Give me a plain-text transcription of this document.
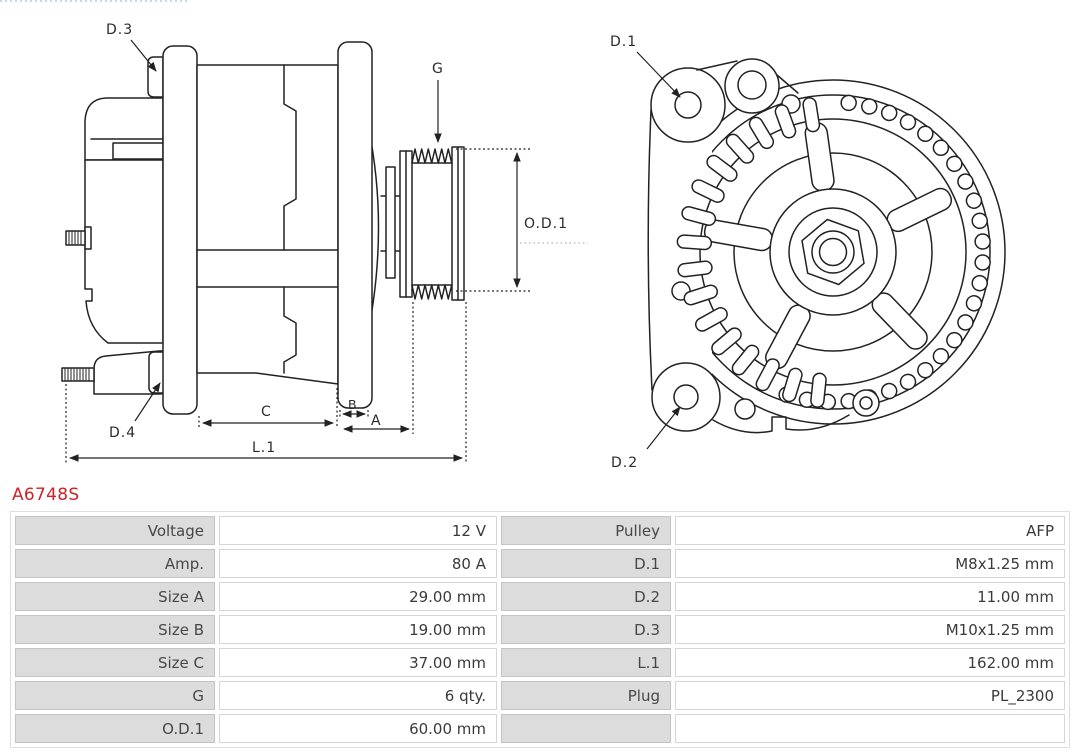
D.3
G
O.D.1
D.4
C	B
A
L.1
D.1
D.2
A6748S
Voltage	12 V	Pulley	AFP
Amp.	80 A	D.1	M8x1.25 mm
Size A	29.00 mm	D.2	11.00 mm
Size B	19.00 mm	D.3	M10x1.25 mm
Size C	37.00 mm	L.1	162.00 mm
G	6 qty.	Plug	PL_2300
O.D.1	60.00 mm
